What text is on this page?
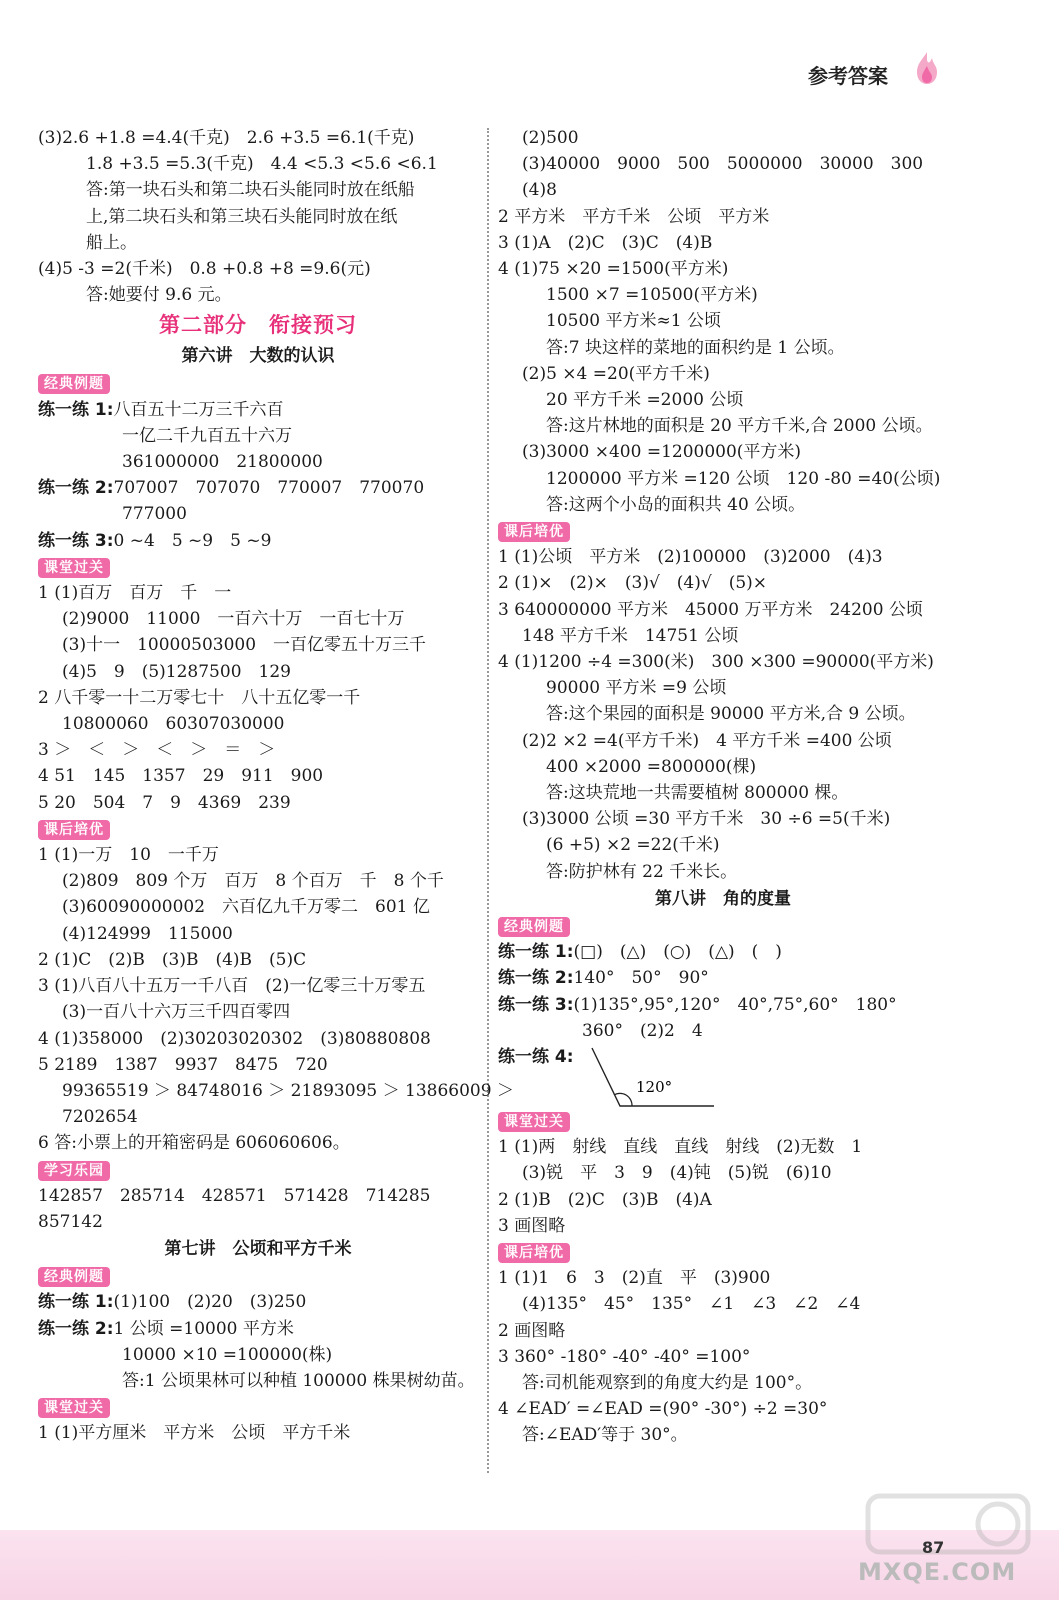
参考答案
(3)2.6 +1.8 =4.4(千克)　2.6 +3.5 =6.1(千克)
1.8 +3.5 =5.3(千克)　4.4 <5.3 <5.6 <6.1
答:第一块石头和第二块石头能同时放在纸船
上,第二块石头和第三块石头能同时放在纸
船上。
(4)5 -3 =2(千米)　0.8 +0.8 +8 =9.6(元)
答:她要付 9.6 元。
第二部分　衔接预习
第六讲　大数的认识
经典例题
练一练 1:八百五十二万三千六百
一亿二千九百五十六万
361000000　21800000
练一练 2:707007　707070　770007　770070
777000
练一练 3:0 ~4　5 ~9　5 ~9
课堂过关
1 (1)百万　百万　千　一
(2)9000　11000　一百六十万　一百七十万
(3)十一　10000503000　一百亿零五十万三千
(4)5　9　(5)1287500　129
2 八千零一十二万零七十　八十五亿零一千
10800060　60307030000
3 ＞　＜　＞　＜　＞　＝　＞
4 51　145　1357　29　911　900
5 20　504　7　9　4369　239
课后培优
1 (1)一万　10　一千万
(2)809　809 个万　百万　8 个百万　千　8 个千
(3)60090000002　六百亿九千万零二　601 亿
(4)124999　115000
2 (1)C　(2)B　(3)B　(4)B　(5)C
3 (1)八百八十五万一千八百　(2)一亿零三十万零五
(3)一百八十六万三千四百零四
4 (1)358000　(2)30203020302　(3)80880808
5 2189　1387　9937　8475　720
99365519 ＞ 84748016 ＞ 21893095 ＞ 13866009 ＞
7202654
6 答:小票上的开箱密码是 606060606。
学习乐园
142857　285714　428571　571428　714285
857142
第七讲　公顷和平方千米
经典例题
练一练 1:(1)100　(2)20　(3)250
练一练 2:1 公顷 =10000 平方米
10000 ×10 =100000(株)
答:1 公顷果林可以种植 100000 株果树幼苗。
课堂过关
1 (1)平方厘米　平方米　公顷　平方千米
(2)500
(3)40000　9000　500　5000000　30000　300
(4)8
2 平方米　平方千米　公顷　平方米
3 (1)A　(2)C　(3)C　(4)B
4 (1)75 ×20 =1500(平方米)
1500 ×7 =10500(平方米)
10500 平方米≈1 公顷
答:7 块这样的菜地的面积约是 1 公顷。
(2)5 ×4 =20(平方千米)
20 平方千米 =2000 公顷
答:这片林地的面积是 20 平方千米,合 2000 公顷。
(3)3000 ×400 =1200000(平方米)
1200000 平方米 =120 公顷　120 -80 =40(公顷)
答:这两个小岛的面积共 40 公顷。
课后培优
1 (1)公顷　平方米　(2)100000　(3)2000　(4)3
2 (1)×　(2)×　(3)√　(4)√　(5)×
3 640000000 平方米　45000 万平方米　24200 公顷
148 平方千米　14751 公顷
4 (1)1200 ÷4 =300(米)　300 ×300 =90000(平方米)
90000 平方米 =9 公顷
答:这个果园的面积是 90000 平方米,合 9 公顷。
(2)2 ×2 =4(平方千米)　4 平方千米 =400 公顷
400 ×2000 =800000(棵)
答:这块荒地一共需要植树 800000 棵。
(3)3000 公顷 =30 平方千米　30 ÷6 =5(千米)
(6 +5) ×2 =22(千米)
答:防护林有 22 千米长。
第八讲　角的度量
经典例题
练一练 1:(□)　(△)　(○)　(△)　(　)
练一练 2:140°　50°　90°
练一练 3:(1)135°,95°,120°　40°,75°,60°　180°
360°　(2)2　4
练一练 4:
120°
课堂过关
1 (1)两　射线　直线　直线　射线　(2)无数　1
(3)锐　平　3　9　(4)钝　(5)锐　(6)10
2 (1)B　(2)C　(3)B　(4)A
3 画图略
课后培优
1 (1)1　6　3　(2)直　平　(3)900
(4)135°　45°　135°　∠1　∠3　∠2　∠4
2 画图略
3 360° -180° -40° -40° =100°
答:司机能观察到的角度大约是 100°。
4 ∠EAD′ =∠EAD =(90° -30°) ÷2 =30°
答:∠EAD′等于 30°。
MXQE.COM
87
